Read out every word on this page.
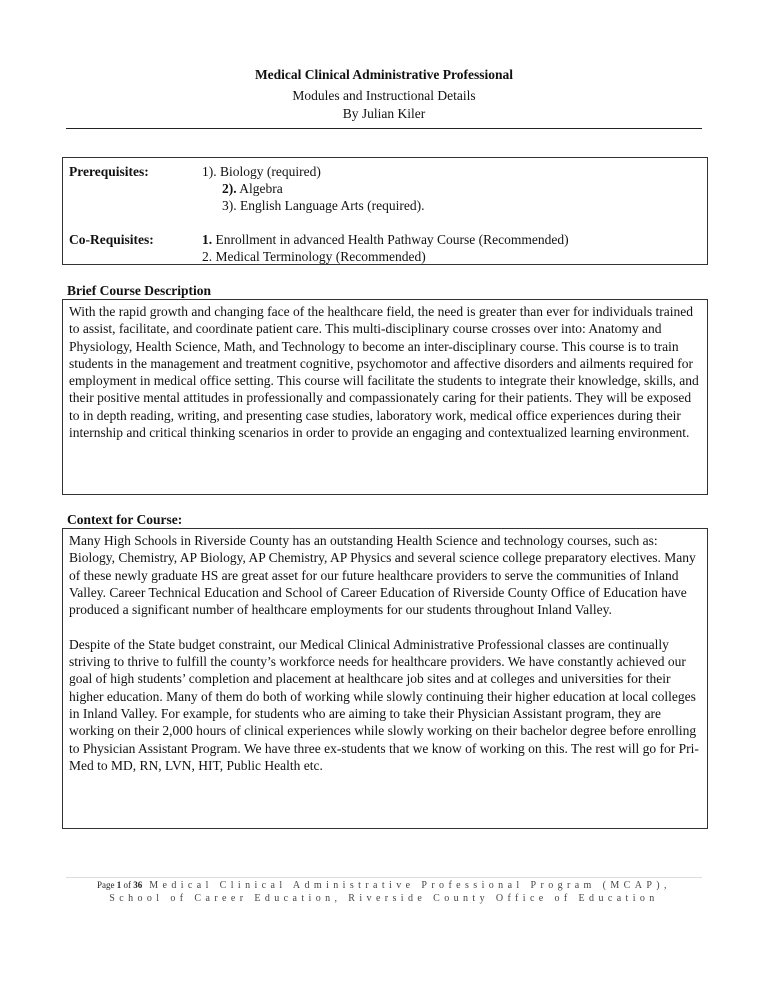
Medical Clinical Administrative Professional
Modules and Instructional Details
By Julian Kiler
Prerequisites:	1). Biology (required)
2). Algebra
3). English Language Arts (required).
Co-Requisites:	1. Enrollment in advanced Health Pathway Course (Recommended)
2. Medical Terminology (Recommended)
Brief Course Description

With the rapid growth and changing face of the healthcare field, the need is greater than ever for individuals trained to assist, facilitate, and coordinate patient care. This multi-disciplinary course crosses over into: Anatomy and Physiology, Health Science, Math, and Technology to become an inter-disciplinary course. This course is to train students in the management and treatment cognitive, psychomotor and affective disorders and ailments required for employment in medical office setting. This course will facilitate the students to integrate their knowledge, skills, and their positive mental attitudes in professionally and compassionately caring for their patients. They will be exposed to in depth reading, writing, and presenting case studies, laboratory work, medical office experiences during their internship and critical thinking scenarios in order to provide an engaging and contextualized learning environment.

Context for Course:

Many High Schools in Riverside County has an outstanding Health Science and technology courses, such as: Biology, Chemistry, AP Biology, AP Chemistry, AP Physics and several science college preparatory electives. Many of these newly graduate HS are great asset for our future healthcare providers to serve the communities of Inland Valley. Career Technical Education and School of Career Education of Riverside County Office of Education have produced a significant number of healthcare employments for our students throughout Inland Valley.

Despite of the State budget constraint, our Medical Clinical Administrative Professional classes are continually striving to thrive to fulfill the county’s workforce needs for healthcare providers. We have constantly achieved our goal of high students’ completion and placement at healthcare job sites and at colleges and universities for their higher education. Many of them do both of working while slowly continuing their higher education at local colleges in Inland Valley. For example, for students who are aiming to take their Physician Assistant program, they are working on their 2,000 hours of clinical experiences while slowly working on their bachelor degree before enrolling to Physician Assistant Program. We have three ex-students that we know of working on this. The rest will go for Pri-Med to MD, RN, LVN, HIT, Public Health etc.

Page 1 of 36 Medical Clinical Administrative Professional Program (MCAP),
School of Career Education, Riverside County Office of Education
